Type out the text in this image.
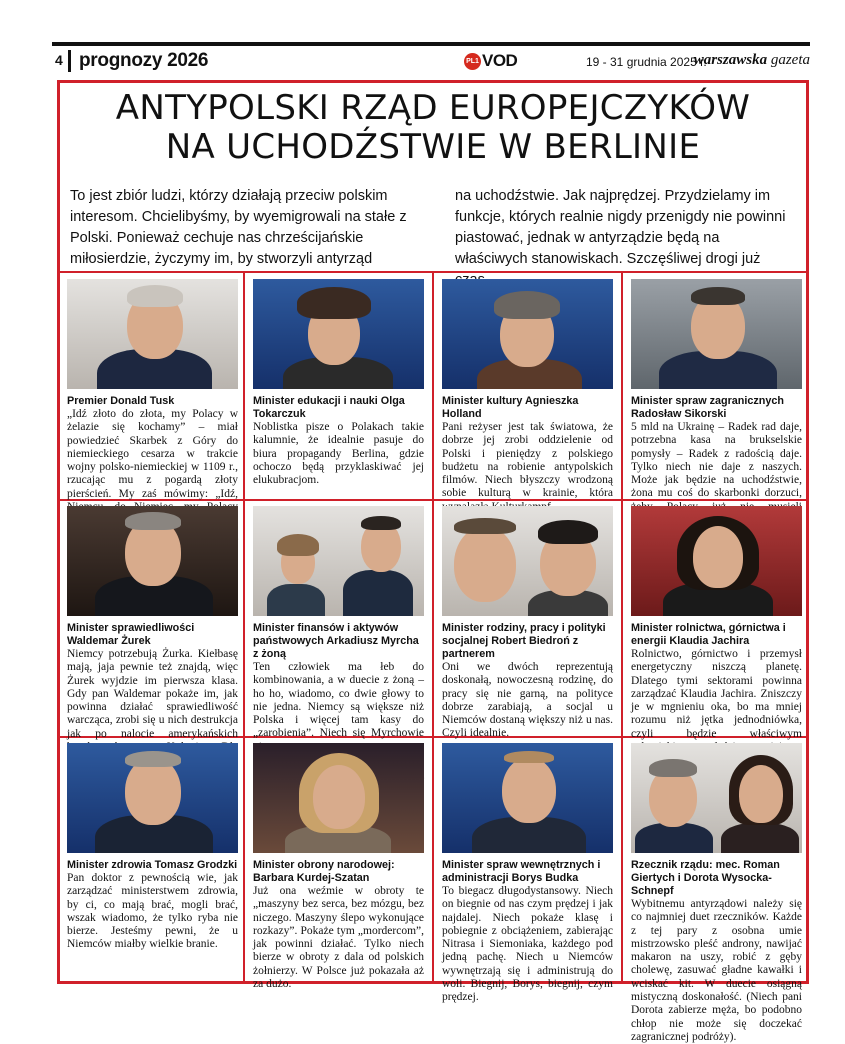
4 prognozy 2026	PL1 VOD	19 - 31 grudnia 2025 r.
warszawska gazeta
ANTYPOLSKI RZĄD EUROPEJCZYKÓW
NA UCHODŹSTWIE W BERLINIE
To jest zbiór ludzi, którzy działają przeciw polskim interesom. Chcielibyśmy, by wyemigrowali na stałe z Polski. Ponieważ cechuje nas chrześcijańskie miłosierdzie, życzymy im, by stworzyli antyrząd
na uchodźstwie. Jak najprędzej. Przydzielamy im funkcje, których realnie nigdy przenigdy nie powinni piastować, jednak w antyrządzie będą na właściwych stanowiskach. Szczęśliwej drogi już
Premier Donald Tusk
„Idź złoto do złota, my Polacy w żelazie się kochamy” – miał powiedzieć Skarbek z Góry do niemieckiego cesarza w trakcie wojny polsko-niemieckiej w 1109 r., rzucając mu z pogardą złoty pierścień. My zaś mówimy: „Idź,
Minister edukacji i nauki Olga Tokarczuk
Noblistka pisze o Polakach takie kalumnie, że idealnie pasuje do biura propagandy Berlina, gdzie ochoczo będą przyklaskiwać jej elukubracjom.
Minister kultury Agnieszka Holland
Pani reżyser jest tak światowa, że dobrze jej zrobi oddzielenie od Polski i pieniędzy z polskiego budżetu na robienie antypolskich filmów. Niech błyszczy wrodzoną sobie kulturą w krainie, która
Minister spraw zagranicznych Radosław Sikorski
5 mld na Ukrainę – Radek rad daje, potrzebna kasa na brukselskie pomysły – Radek z radością daje. Tylko niech nie daje z naszych. Może jak będzie na uchodźstwie, żona mu coś do skarbonki dorzuci,
Minister sprawiedliwości Waldemar Żurek
Niemcy potrzebują Żurka. Kiełbasę mają, jaja pewnie też znajdą, więc Żurek wyjdzie im pierwsza klasa. Gdy pan Waldemar pokaże im, jak powinna działać sprawiedliwość warcząca, zrobi się u nich destrukcja jak po nalocie amerykańskich
Minister finansów i aktywów państwowych Arkadiusz Myrcha z żoną
Ten człowiek ma łeb do kombinowania, a w duecie z żoną – ho ho, wiadomo, co dwie głowy to nie jedna. Niemcy są większe niż Polska i więcej tam kasy do „zarobienia”. Niech się Myrchowie
Minister rodziny, pracy i polityki socjalnej Robert Biedroń z partnerem
Oni we dwóch reprezentują doskonałą, nowoczesną rodzinę, do pracy się nie garną, na polityce dobrze zarabiają, a socjal u Niemców dostaną większy niż u nas. Czyli idealnie.
Minister rolnictwa, górnictwa i energii Klaudia Jachira
Rolnictwo, górnictwo i przemysł energetyczny niszczą planetę. Dlatego tymi sektorami powinna zarządzać Klaudia Jachira. Zniszczy je w mgnieniu oka, bo ma mniej rozumu niż jętka jednodniówka, czyli będzie właściwym
Minister zdrowia Tomasz Grodzki
Pan doktor z pewnością wie, jak zarządzać ministerstwem zdrowia, by ci, co mają brać, mogli brać, wszak wiadomo, że tylko ryba nie bierze. Jesteśmy pewni, że u Niemców miałby wielkie branie.
Minister obrony narodowej: Barbara Kurdej-Szatan
Już ona weźmie w obroty te „maszyny bez serca, bez mózgu, bez niczego. Maszyny ślepo wykonujące rozkazy”. Pokaże tym „mordercom”, jak powinni działać. Tylko niech bierze w obroty z dala od polskich żołnierzy. W Polsce już pokazała aż za dużo.
Minister spraw wewnętrznych i administracji Borys Budka
To biegacz długodystansowy. Niech on biegnie od nas czym prędzej i jak najdalej. Niech pokaże klasę i pobiegnie z obciążeniem, zabierając Nitrasa i Siemoniaka, każdego pod jedną pachę. Niech u Niemców wywnętrzają się i administrują do woli. Biegnij, Borys, biegnij, czym prędzej.
Rzecznik rządu: mec. Roman Giertych i Dorota Wysocka-Schnepf
Wybitnemu antyrządowi należy się co najmniej duet rzeczników. Każde z tej pary z osobna umie mistrzowsko pleść androny, nawijać makaron na uszy, robić z gęby cholewę, zasuwać gładne kawałki i wciskać kit. W duecie osiągną mistyczną doskonałość. (Niech pani Dorota zabierze męża, bo podobno chłop nie może się doczekać zagranicznej podróży).
